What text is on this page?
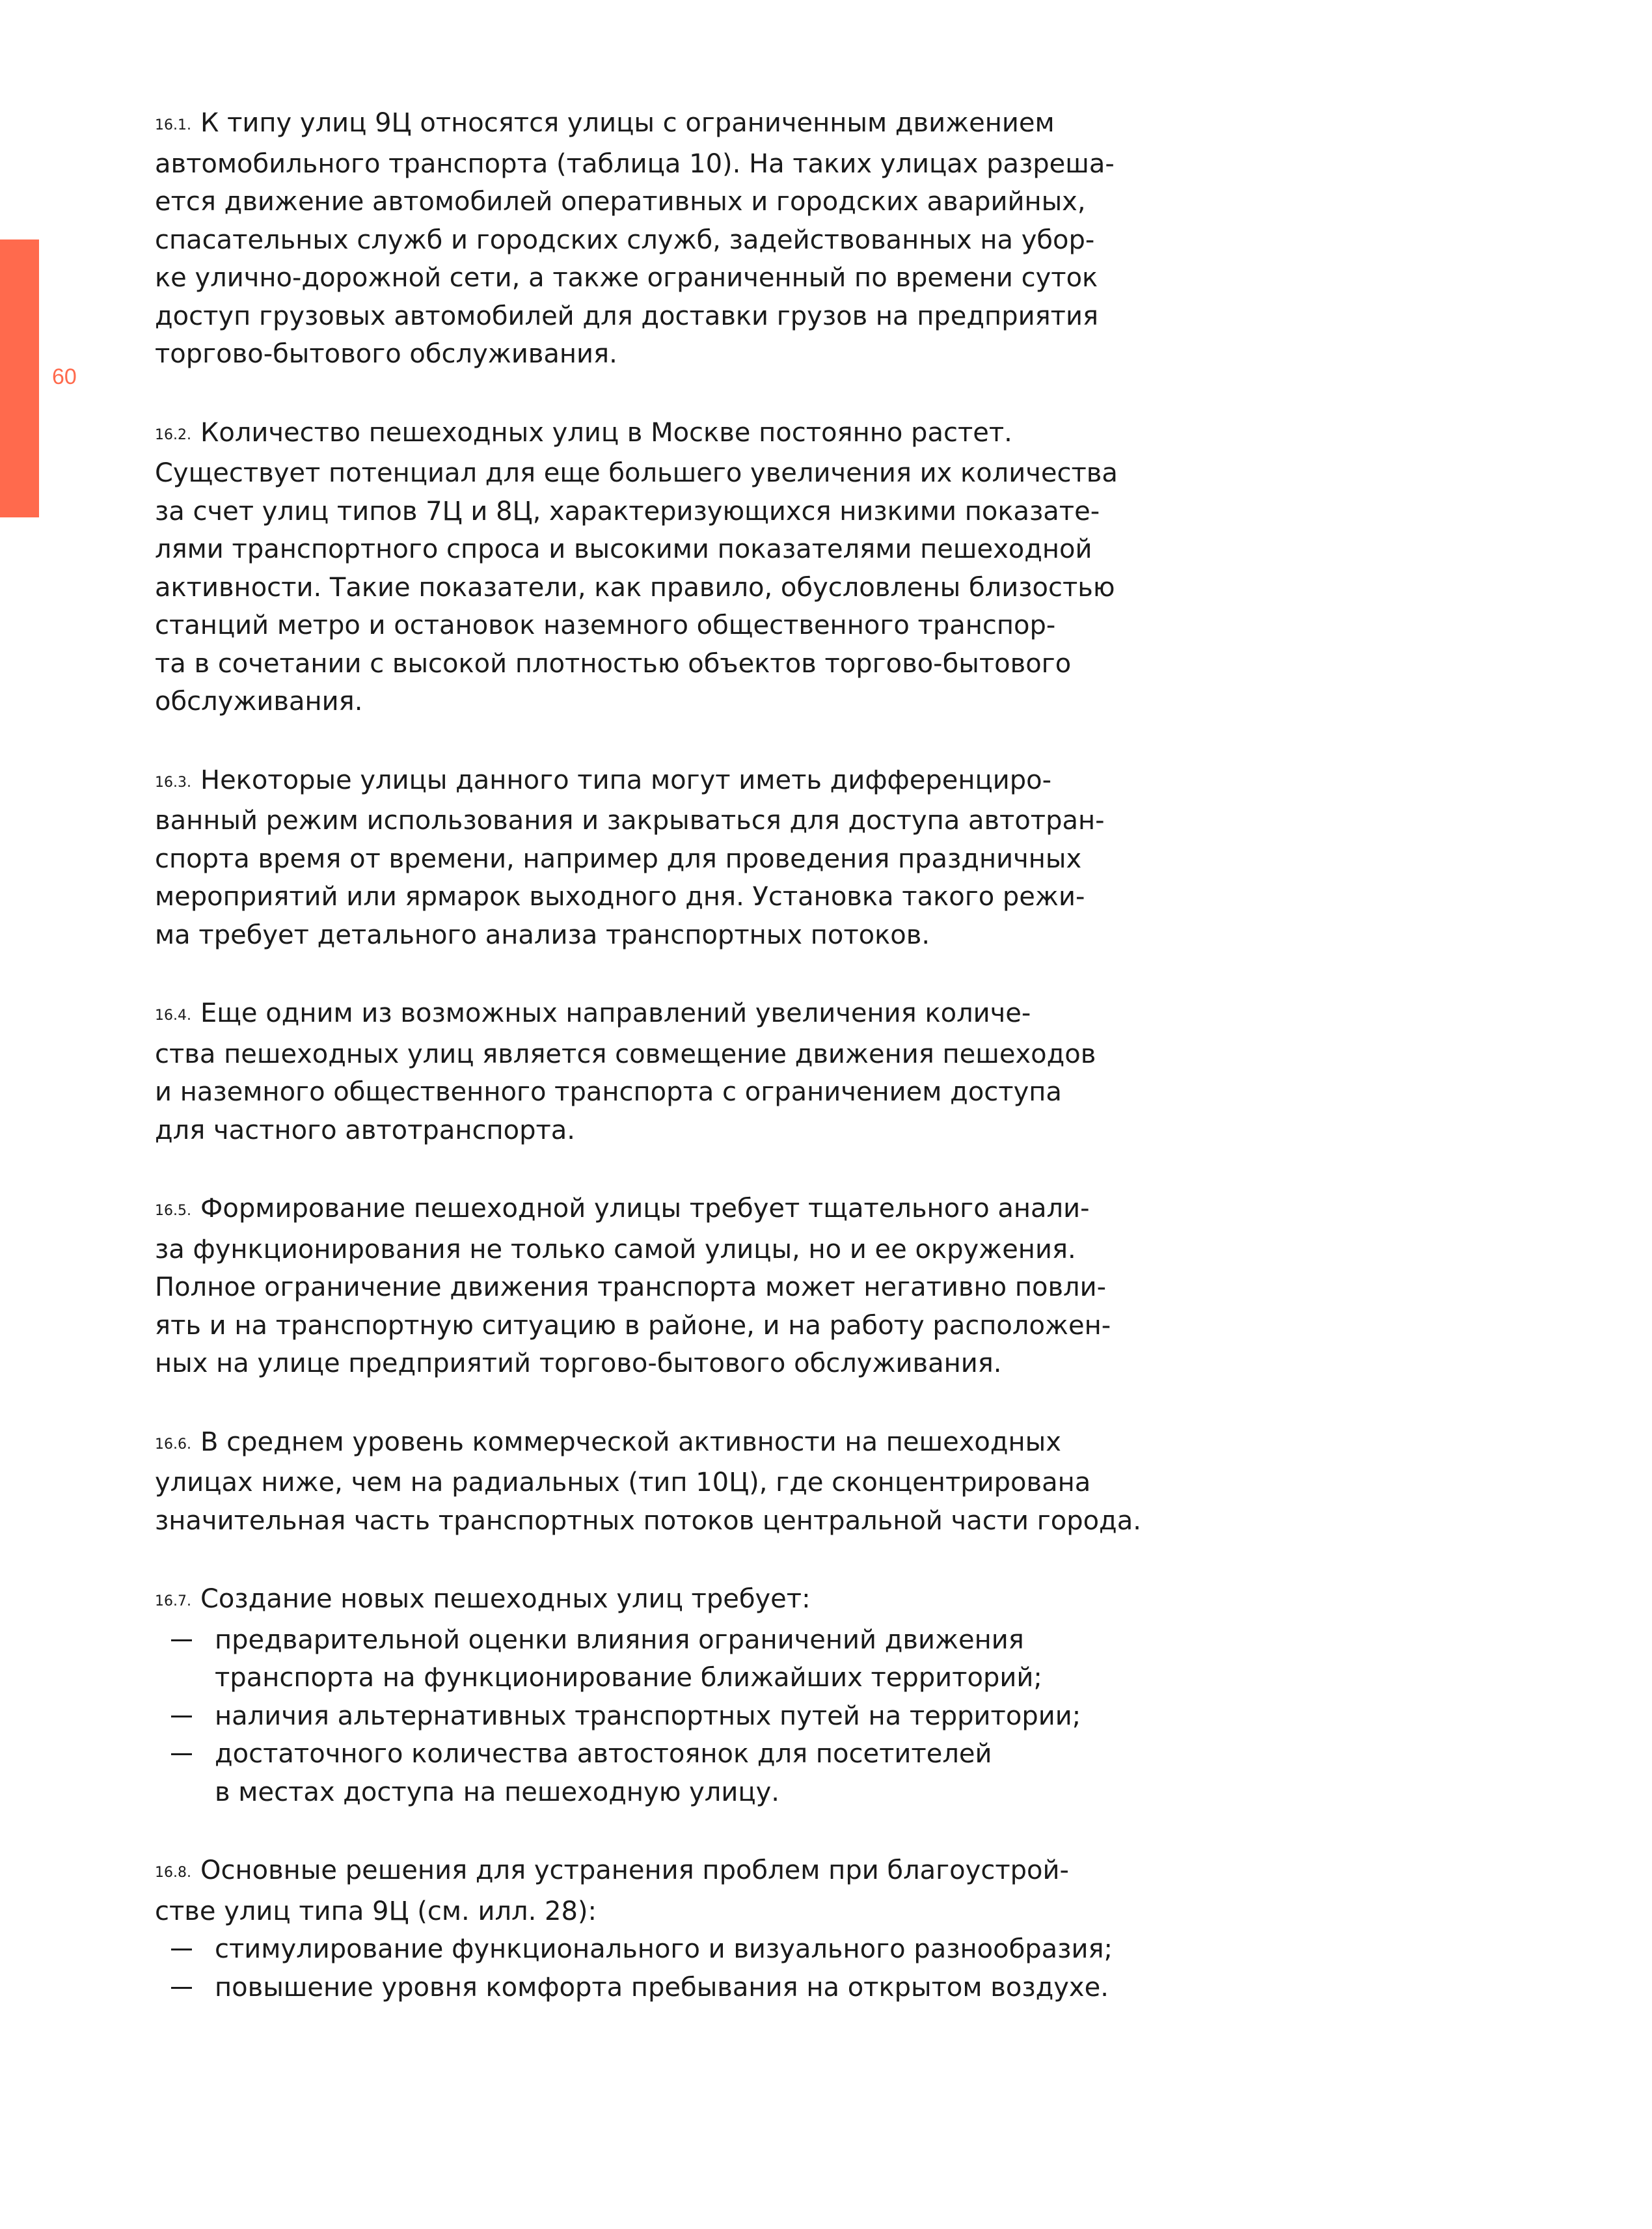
60
16.1. К типу улиц 9Ц относятся улицы с ограниченным движением
автомобильного транспорта (таблица 10). На таких улицах разреша-
ется движение автомобилей оперативных и городских аварийных,
спасательных служб и городских служб, задействованных на убор-
ке улично-дорожной сети, а также ограниченный по времени суток
доступ грузовых автомобилей для доставки грузов на предприятия
торгово-бытового обслуживания.
16.2. Количество пешеходных улиц в Москве постоянно растет.
Существует потенциал для еще большего увеличения их количества
за счет улиц типов 7Ц и 8Ц, характеризующихся низкими показате-
лями транспортного спроса и высокими показателями пешеходной
активности. Такие показатели, как правило, обусловлены близостью
станций метро и остановок наземного общественного транспор-
та в сочетании с высокой плотностью объектов торгово-бытового
обслуживания.
16.3. Некоторые улицы данного типа могут иметь дифференциро-
ванный режим использования и закрываться для доступа автотран-
спорта время от времени, например для проведения праздничных
мероприятий или ярмарок выходного дня. Установка такого режи-
ма требует детального анализа транспортных потоков.
16.4. Еще одним из возможных направлений увеличения количе-
ства пешеходных улиц является совмещение движения пешеходов
и наземного общественного транспорта с ограничением доступа
для частного автотранспорта.
16.5. Формирование пешеходной улицы требует тщательного анали-
за функционирования не только самой улицы, но и ее окружения.
Полное ограничение движения транспорта может негативно повли-
ять и на транспортную ситуацию в районе, и на работу расположен-
ных на улице предприятий торгово-бытового обслуживания.
16.6. В среднем уровень коммерческой активности на пешеходных
улицах ниже, чем на радиальных (тип 10Ц), где сконцентрирована
значительная часть транспортных потоков центральной части города.
16.7. Создание новых пешеходных улиц требует:
предварительной оценки влияния ограничений движения
транспорта на функционирование ближайших территорий;
наличия альтернативных транспортных путей на территории;
достаточного количества автостоянок для посетителей
в местах доступа на пешеходную улицу.
16.8. Основные решения для устранения проблем при благоустрой-
стве улиц типа 9Ц (см. илл. 28):
стимулирование функционального и визуального разнообразия;
повышение уровня комфорта пребывания на открытом воздухе.
